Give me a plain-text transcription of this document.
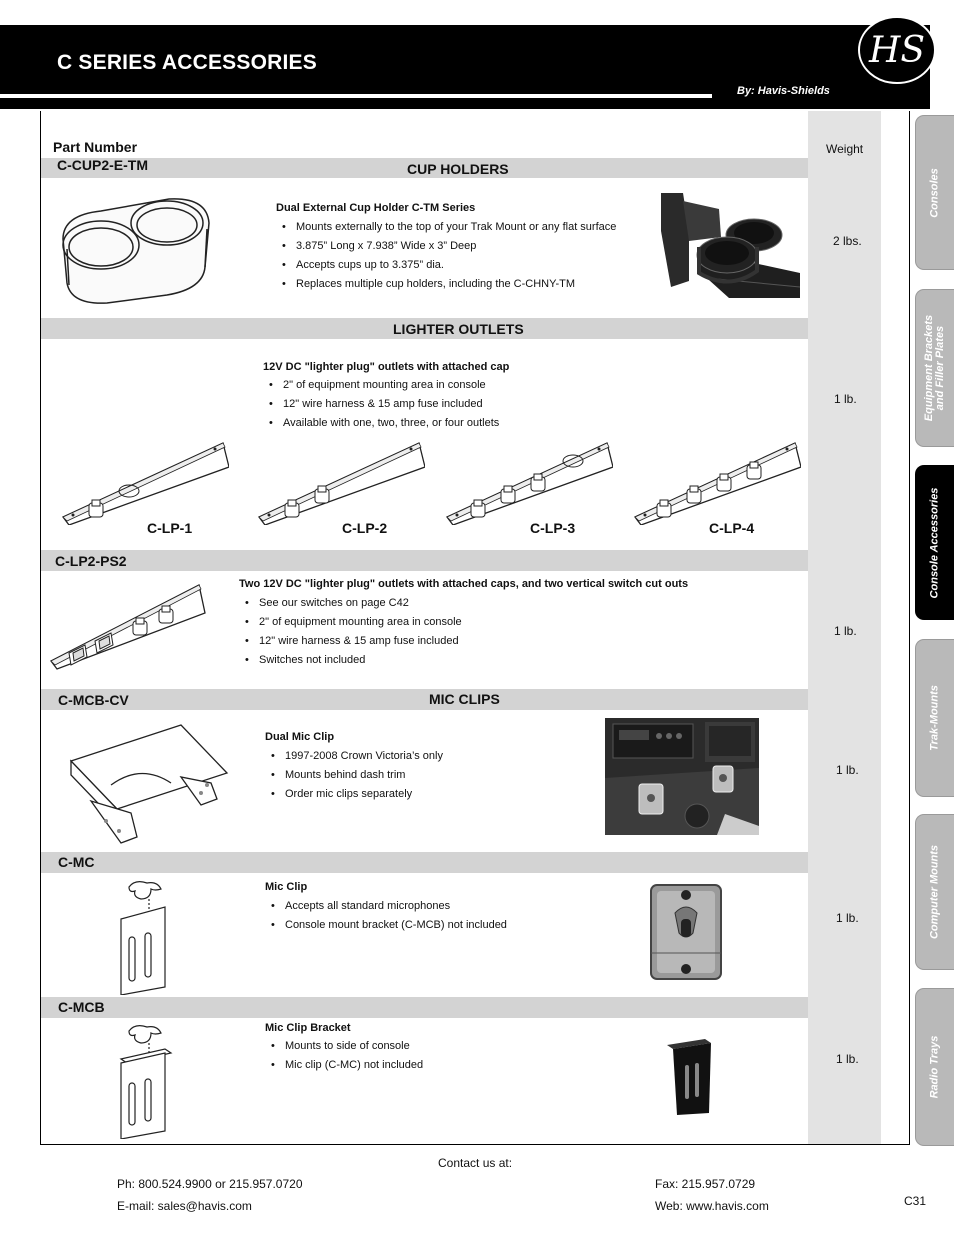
C SERIES ACCESSORIES
By: Havis-Shields
HS
Part Number	Weight
C-CUP2-E-TM	CUP HOLDERS
Dual External Cup Holder C-TM Series
• Mounts externally to the top of your Trak Mount or any flat surface
• 3.875” Long x 7.938” Wide x 3” Deep
• Accepts cups up to 3.375” dia.
• Replaces multiple cup holders, including the C-CHNY-TM
2 lbs.
LIGHTER OUTLETS
12V DC "lighter plug" outlets with attached cap
• 2" of equipment mounting area in console
• 12" wire harness & 15 amp fuse included
• Available with one, two, three, or four outlets
1 lb.
C-LP-1	C-LP-2	C-LP-3	C-LP-4
C-LP2-PS2
Two 12V DC "lighter plug" outlets with attached caps, and two vertical switch cut outs
• See our switches on page C42
• 2" of equipment mounting area in console
• 12" wire harness & 15 amp fuse included
• Switches not included
1 lb.
C-MCB-CV	MIC CLIPS
Dual Mic Clip
• 1997-2008 Crown Victoria’s only
• Mounts behind dash trim
• Order mic clips separately
1 lb.
C-MC
Mic Clip
• Accepts all standard microphones
• Console mount bracket (C-MCB) not included	1 lb.
C-MCB
Mic Clip Bracket
• Mounts to side of console
• Mic clip (C-MC) not included	1 lb.
Consoles
Equipment Brackets and Filler Plates
Console Accessories
Trak-Mounts
Computer Mounts
Radio Trays
Contact us at:
Ph: 800.524.9900 or 215.957.0720
E-mail: sales@havis.com
Fax: 215.957.0729
Web: www.havis.com	C31
